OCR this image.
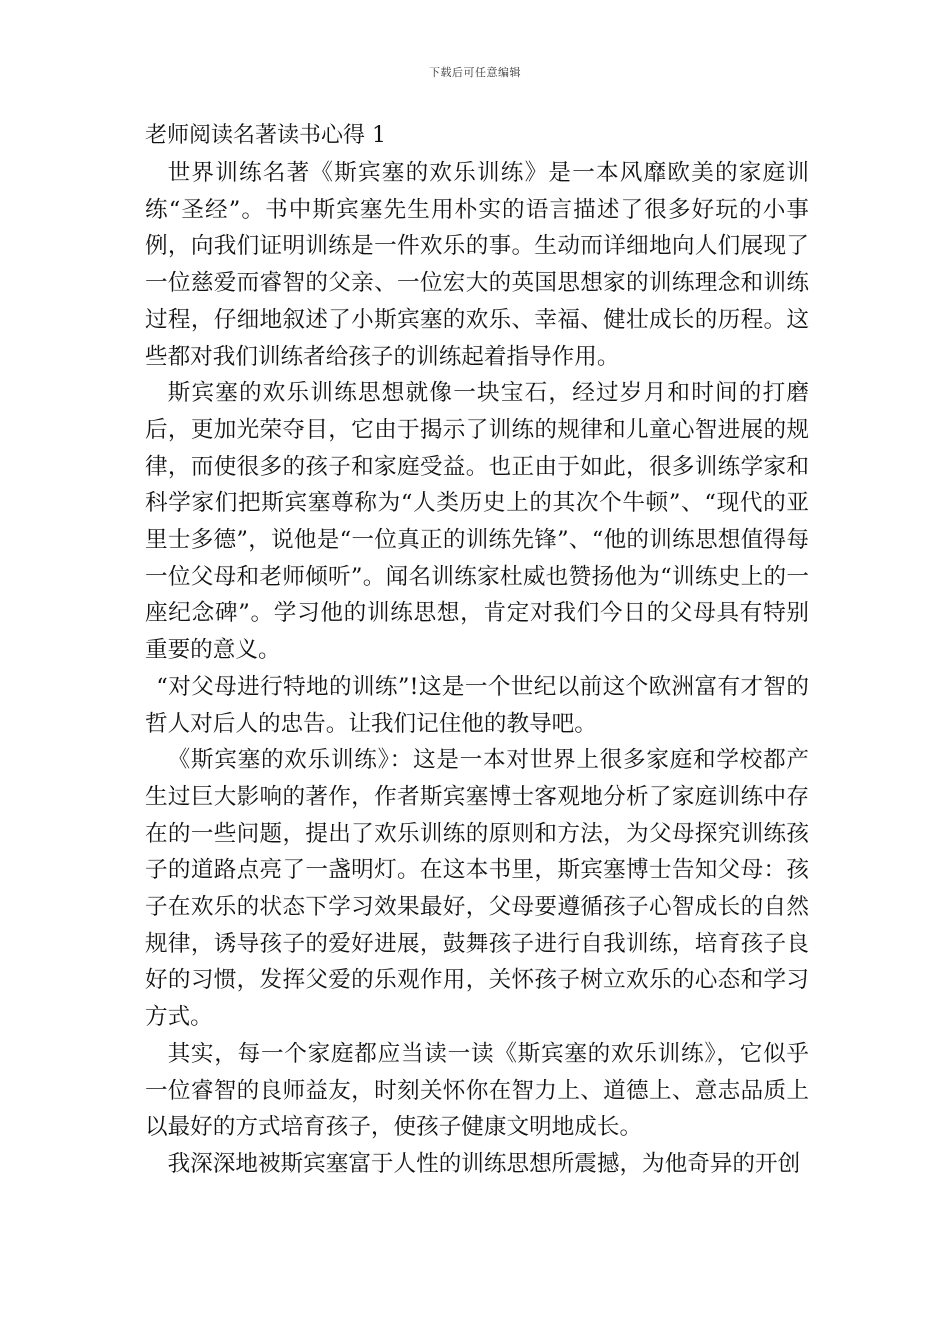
下载后可任意编辑
老师阅读名著读书心得 1

世界训练名著《斯宾塞的欢乐训练》是一本风靡欧美的家庭训练“圣经”。书中斯宾塞先生用朴实的语言描述了很多好玩的小事例，向我们证明训练是一件欢乐的事。生动而详细地向人们展现了一位慈爱而睿智的父亲、一位宏大的英国思想家的训练理念和训练过程，仔细地叙述了小斯宾塞的欢乐、幸福、健壮成长的历程。这些都对我们训练者给孩子的训练起着指导作用。

斯宾塞的欢乐训练思想就像一块宝石，经过岁月和时间的打磨后，更加光荣夺目，它由于揭示了训练的规律和儿童心智进展的规律，而使很多的孩子和家庭受益。也正由于如此，很多训练学家和科学家们把斯宾塞尊称为“人类历史上的其次个牛顿”、“现代的亚里士多德”，说他是“一位真正的训练先锋”、“他的训练思想值得每一位父母和老师倾听”。闻名训练家杜威也赞扬他为“训练史上的一座纪念碑”。学习他的训练思想，肯定对我们今日的父母具有特别重要的意义。

“对父母进行特地的训练”!这是一个世纪以前这个欧洲富有才智的哲人对后人的忠告。让我们记住他的教导吧。

《斯宾塞的欢乐训练》：这是一本对世界上很多家庭和学校都产生过巨大影响的著作，作者斯宾塞博士客观地分析了家庭训练中存在的一些问题，提出了欢乐训练的原则和方法，为父母探究训练孩子的道路点亮了一盏明灯。在这本书里，斯宾塞博士告知父母：孩子在欢乐的状态下学习效果最好，父母要遵循孩子心智成长的自然规律，诱导孩子的爱好进展，鼓舞孩子进行自我训练，培育孩子良好的习惯，发挥父爱的乐观作用，关怀孩子树立欢乐的心态和学习方式。

其实，每一个家庭都应当读一读《斯宾塞的欢乐训练》，它似乎一位睿智的良师益友，时刻关怀你在智力上、道德上、意志品质上以最好的方式培育孩子，使孩子健康文明地成长。

我深深地被斯宾塞富于人性的训练思想所震撼，为他奇异的开创
